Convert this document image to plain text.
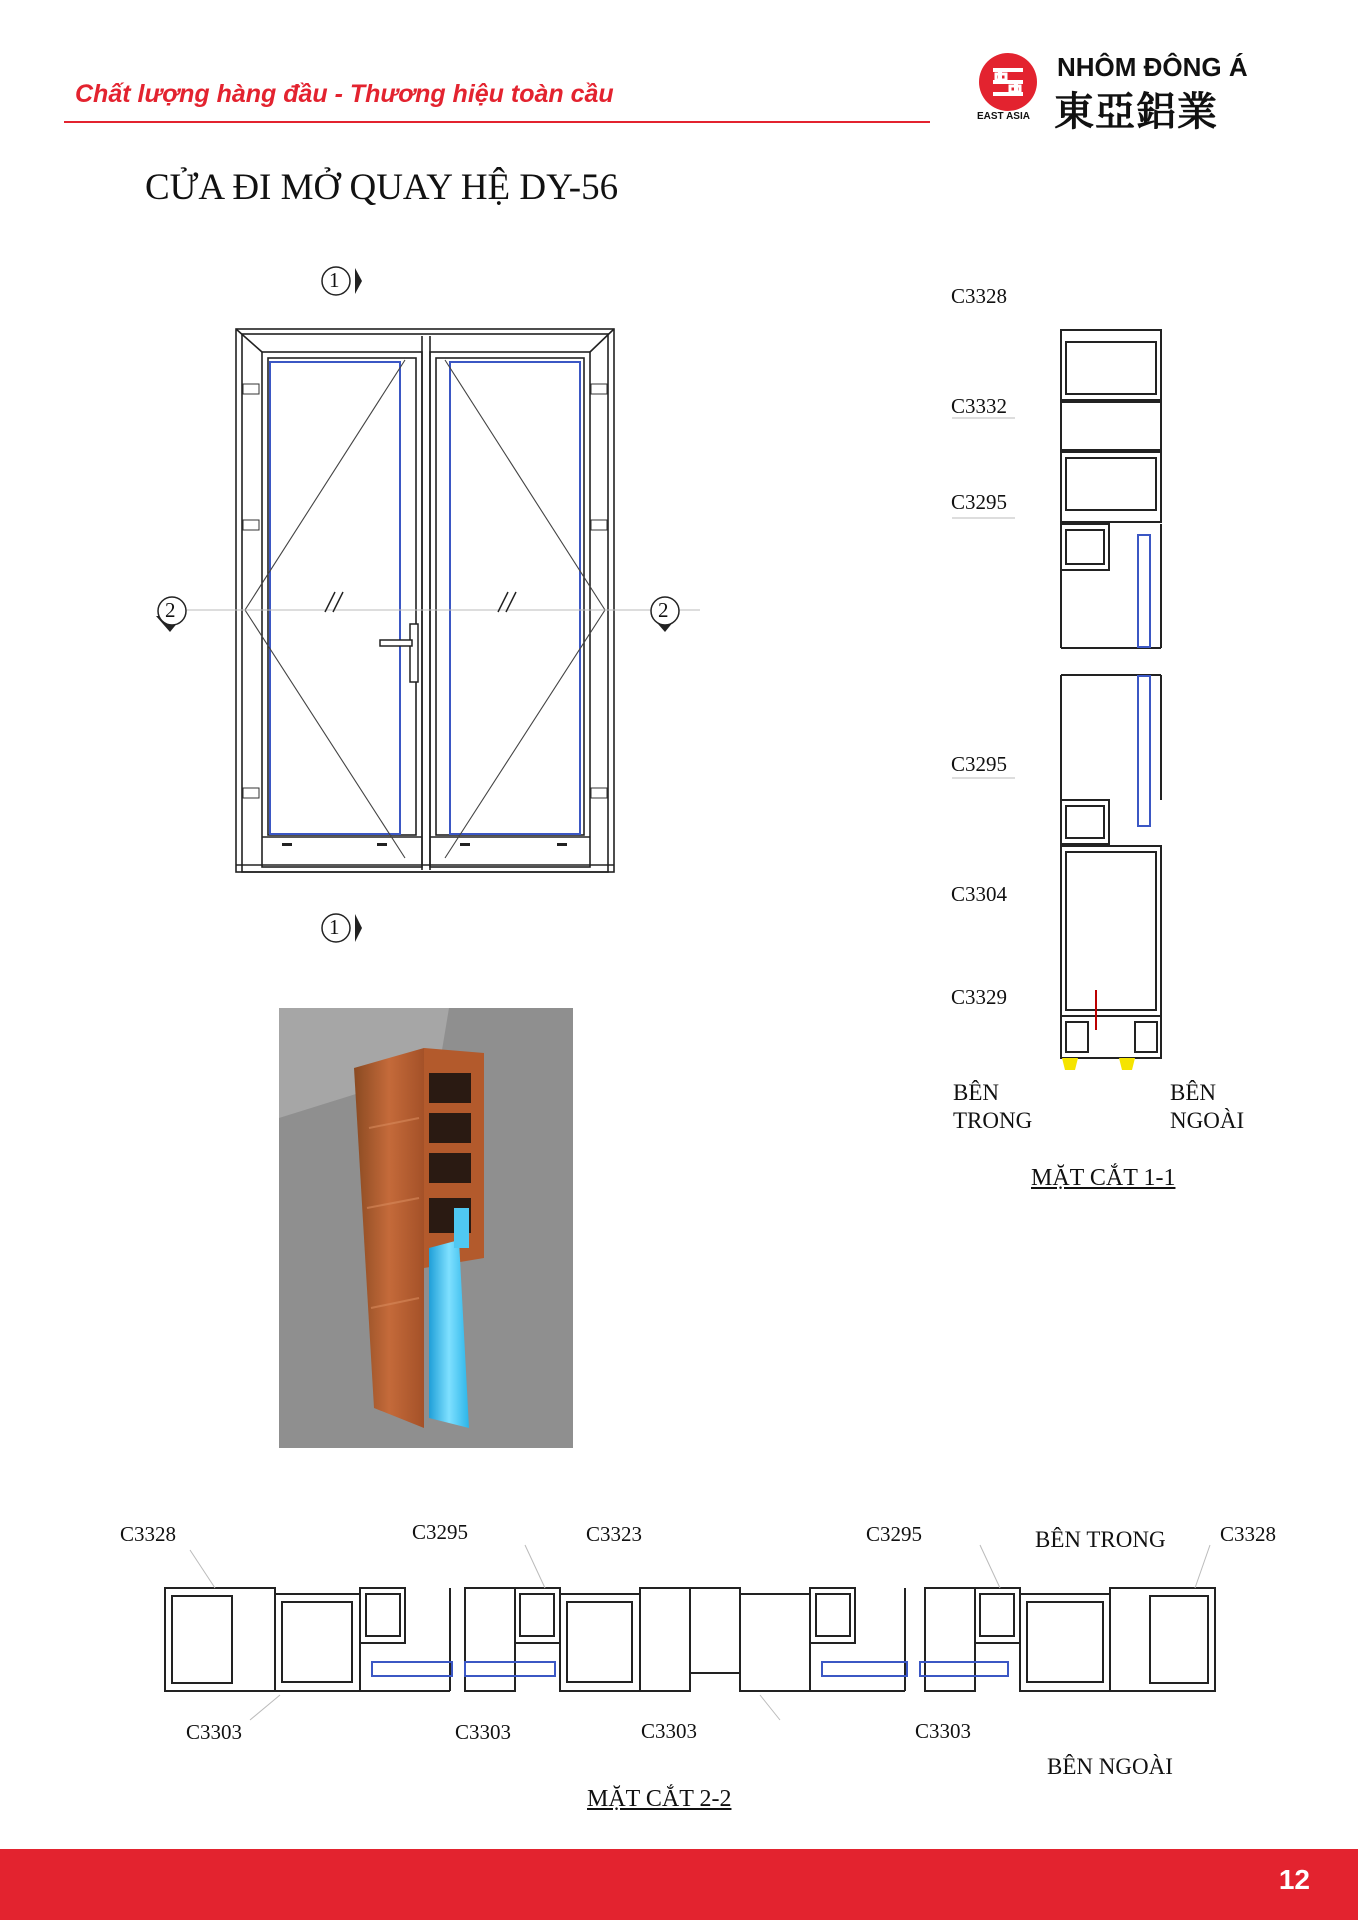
Chất lượng hàng đầu - Thương hiệu toàn cầu
EAST ASIA
NHÔM ĐÔNG Á
東亞鋁業
CỬA ĐI MỞ QUAY HỆ DY-56
1
1
2	2
C3328
C3332
C3295
C3295
C3304
C3329
BÊN
TRONG
BÊN
NGOÀI
MẶT CẮT 1-1
C3328	C3295	C3323	C3295	C3328
BÊN TRONG
C3303	C3303	C3303	C3303
BÊN NGOÀI
MẶT CẮT 2-2
12
